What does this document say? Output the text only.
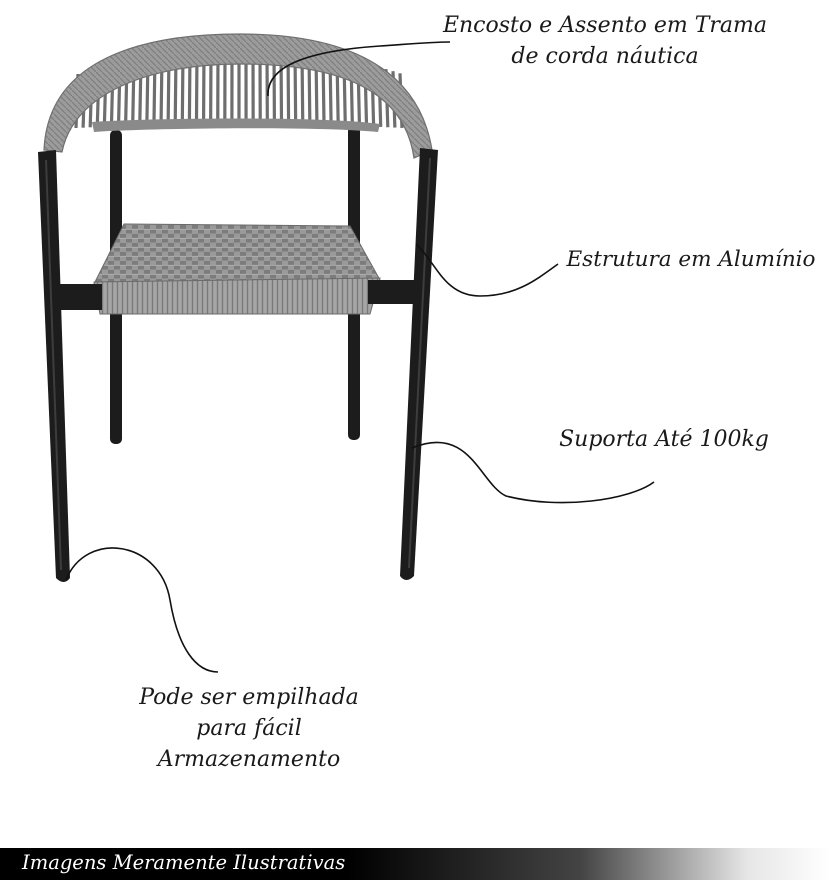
Encosto e Assento em Trama
de corda náutica
Estrutura em Alumínio
Suporta Até 100kg
Pode ser empilhada
para fácil
Armazenamento
Imagens Meramente Ilustrativas
